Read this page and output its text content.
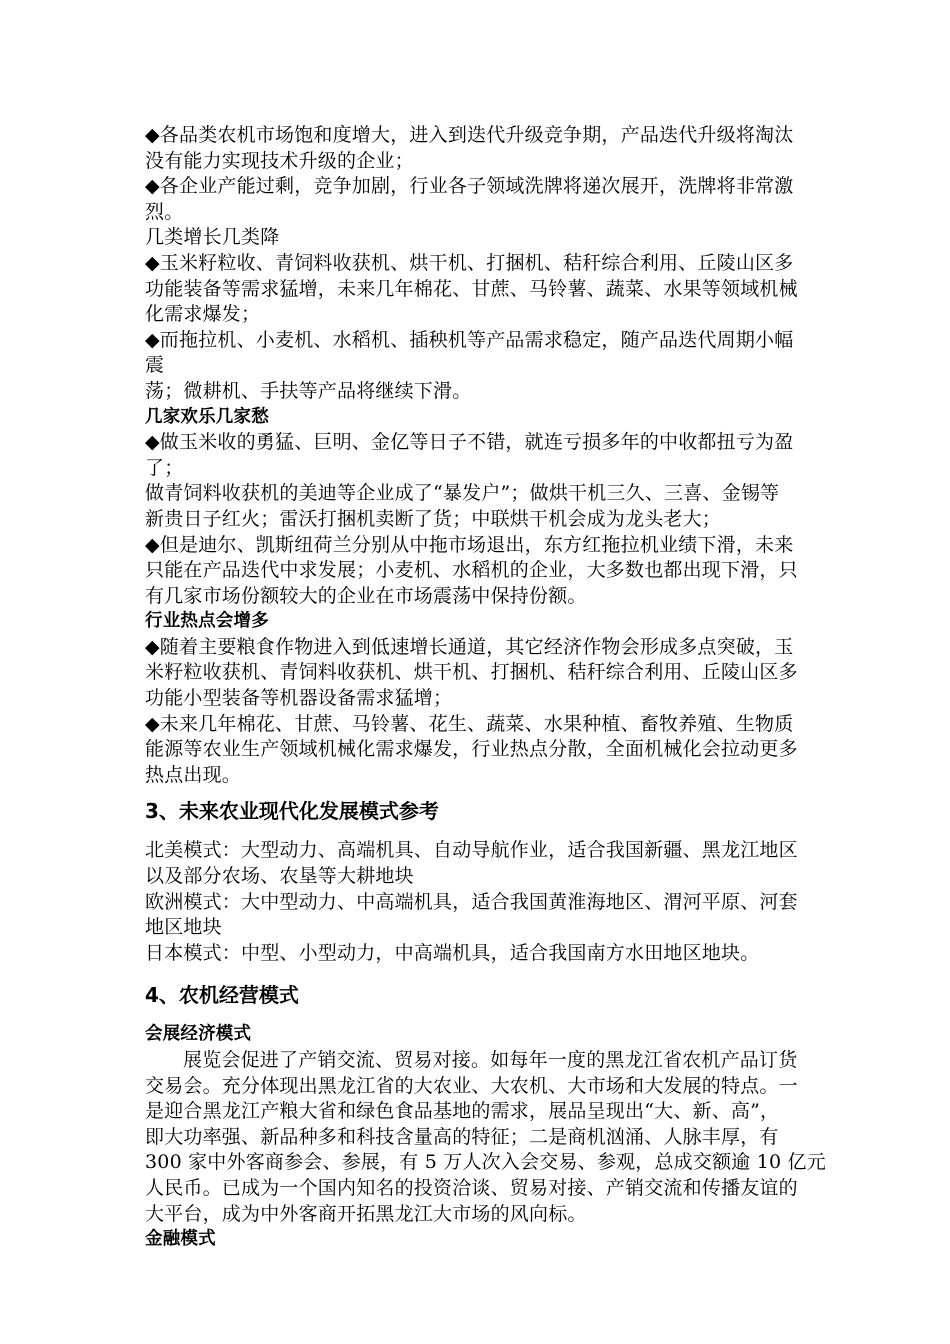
◆各品类农机市场饱和度增大，进入到迭代升级竞争期，产品迭代升级将淘汰
没有能力实现技术升级的企业；
◆各企业产能过剩，竞争加剧，行业各子领域洗牌将递次展开，洗牌将非常激
烈。
几类增长几类降
◆玉米籽粒收、青饲料收获机、烘干机、打捆机、秸秆综合利用、丘陵山区多
功能装备等需求猛增，未来几年棉花、甘蔗、马铃薯、蔬菜、水果等领域机械
化需求爆发；
◆而拖拉机、小麦机、水稻机、插秧机等产品需求稳定，随产品迭代周期小幅
震
荡；微耕机、手扶等产品将继续下滑。
几家欢乐几家愁
◆做玉米收的勇猛、巨明、金亿等日子不错，就连亏损多年的中收都扭亏为盈
了；
做青饲料收获机的美迪等企业成了“暴发户”；做烘干机三久、三喜、金锡等
新贵日子红火；雷沃打捆机卖断了货；中联烘干机会成为龙头老大；
◆但是迪尔、凯斯纽荷兰分别从中拖市场退出，东方红拖拉机业绩下滑，未来
只能在产品迭代中求发展；小麦机、水稻机的企业，大多数也都出现下滑，只
有几家市场份额较大的企业在市场震荡中保持份额。
行业热点会增多
◆随着主要粮食作物进入到低速增长通道，其它经济作物会形成多点突破，玉
米籽粒收获机、青饲料收获机、烘干机、打捆机、秸秆综合利用、丘陵山区多
功能小型装备等机器设备需求猛增；
◆未来几年棉花、甘蔗、马铃薯、花生、蔬菜、水果种植、畜牧养殖、生物质
能源等农业生产领域机械化需求爆发，行业热点分散，全面机械化会拉动更多
热点出现。
3、未来农业现代化发展模式参考
北美模式：大型动力、高端机具、自动导航作业，适合我国新疆、黑龙江地区
以及部分农场、农垦等大耕地块
欧洲模式：大中型动力、中高端机具，适合我国黄淮海地区、渭河平原、河套
地区地块
日本模式：中型、小型动力，中高端机具，适合我国南方水田地区地块。
4、农机经营模式
会展经济模式
展览会促进了产销交流、贸易对接。如每年一度的黑龙江省农机产品订货
交易会。充分体现出黑龙江省的大农业、大农机、大市场和大发展的特点。一
是迎合黑龙江产粮大省和绿色食品基地的需求，展品呈现出“大、新、高”，
即大功率强、新品种多和科技含量高的特征；二是商机汹涌、人脉丰厚，有
300 家中外客商参会、参展，有 5 万人次入会交易、参观，总成交额逾 10 亿元
人民币。已成为一个国内知名的投资洽谈、贸易对接、产销交流和传播友谊的
大平台，成为中外客商开拓黑龙江大市场的风向标。
金融模式
